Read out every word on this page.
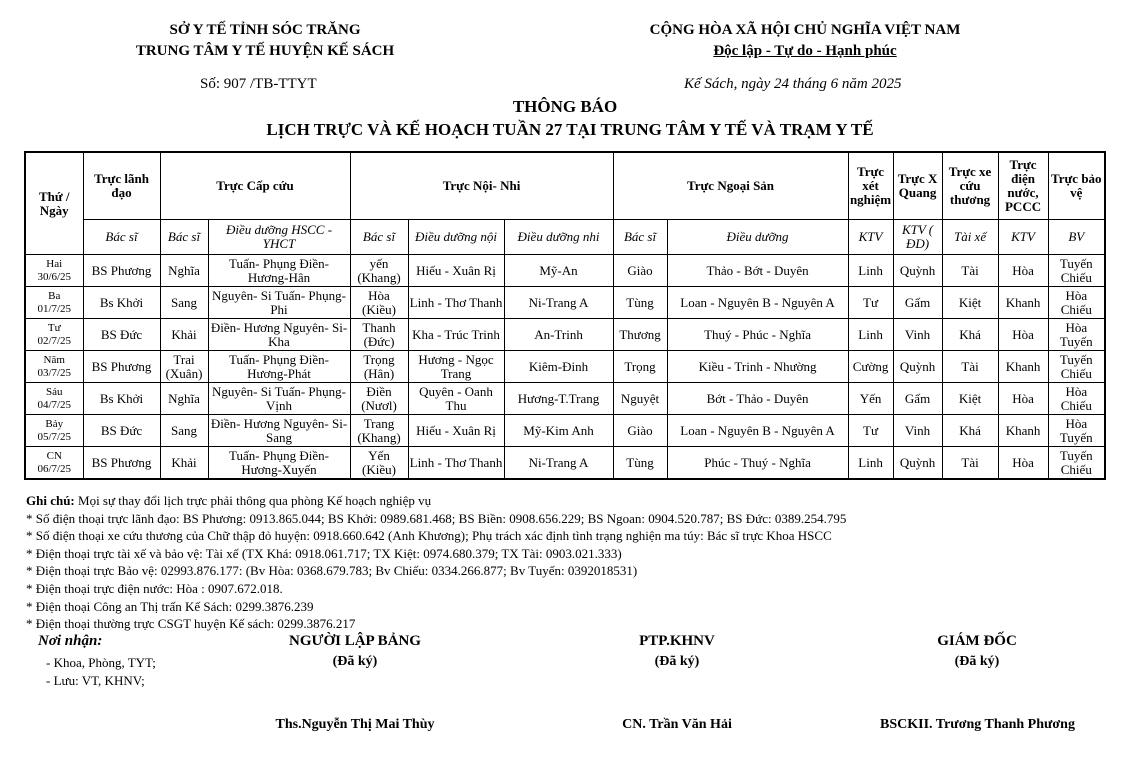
SỞ Y TẾ TỈNH SÓC TRĂNG
TRUNG TÂM Y TẾ HUYỆN KẾ SÁCH
CỘNG HÒA XÃ HỘI CHỦ NGHĨA VIỆT NAM
Độc lập - Tự do - Hạnh phúc
Số: 907 /TB-TTYT	Kế Sách, ngày 24 tháng 6 năm 2025
THÔNG BÁO
LỊCH TRỰC VÀ KẾ HOẠCH TUẦN 27 TẠI TRUNG TÂM Y TẾ VÀ TRẠM Y TẾ
Thứ / Ngày	Trực lãnh đạo	Trực Cấp cứu		Trực Nội- Nhi			Trực Ngoại Sản		Trực xét nghiệm	Trực X Quang	Trực xe cứu thương	Trực điện nước, PCCC	Trực bảo vệ
	Bác sĩ	Bác sĩ	Điều dưỡng HSCC - YHCT	Bác sĩ	Điều dưỡng nội	Điều dưỡng nhi	Bác sĩ	Điều dưỡng	KTV	KTV ( ĐD)	Tài xế	KTV	BV

Hai
30/6/25	BS Phương	Nghĩa	Tuấn- Phụng Điền- Hương-Hân	yến (Khang)	Hiếu - Xuân Rị	Mỹ-An	Giào	Thảo - Bớt - Duyên	Linh	Quỳnh	Tài	Hòa	Tuyến Chiếu

Ba
01/7/25	Bs Khởi	Sang	Nguyên- Si Tuấn- Phụng-Phi	Hòa (Kiều)	Linh - Thơ Thanh	Ni-Trang A	Tùng	Loan - Nguyên B - Nguyên A	Tư	Gấm	Kiệt	Khanh	Hòa Chiếu

Tư
02/7/25	BS Đức	Khải	Điền- Hương Nguyên- Si-Kha	Thanh (Đức)	Kha - Trúc Trinh	An-Trinh	Thương	Thuý - Phúc - Nghĩa	Linh	Vinh	Khá	Hòa	Hòa Tuyến

Năm
03/7/25	BS Phương	Trai (Xuân)	Tuấn- Phụng Điền- Hương-Phát	Trọng (Hân)	Hương - Ngọc Trang	Kiêm-Đinh	Trọng	Kiều - Trinh - Nhường	Cường	Quỳnh	Tài	Khanh	Tuyến Chiếu

Sáu
04/7/25	Bs Khởi	Nghĩa	Nguyên- Si Tuấn- Phụng-Vịnh	Điền (Nươl)	Quyên - Oanh Thu	Hương-T.Trang	Nguyệt	Bớt - Thảo - Duyên	Yến	Gấm	Kiệt	Hòa	Hòa Chiếu

Bảy
05/7/25	BS Đức	Sang	Điền- Hương Nguyên- Si-Sang	Trang (Khang)	Hiếu - Xuân Rị	Mỹ-Kim Anh	Giào	Loan - Nguyên B - Nguyên A	Tư	Vinh	Khá	Khanh	Hòa Tuyến

CN
06/7/25	BS Phương	Khải	Tuấn- Phụng Điền- Hương-Xuyến	Yến (Kiều)	Linh - Thơ Thanh	Ni-Trang A	Tùng	Phúc - Thuý - Nghĩa	Linh	Quỳnh	Tài	Hòa	Tuyến Chiếu
Ghi chú: Mọi sự thay đổi lịch trực phải thông qua phòng Kế hoạch nghiệp vụ
* Số điện thoại trực lãnh đạo: BS Phương: 0913.865.044; BS Khởi: 0989.681.468; BS Biền: 0908.656.229; BS Ngoan: 0904.520.787; BS Đức: 0389.254.795
* Số điện thoại xe cứu thương của Chữ thập đỏ huyện: 0918.660.642 (Anh Khương); Phụ trách xác định tình trạng nghiện ma túy: Bác sĩ trực Khoa HSCC
* Điện thoại trực tài xế và bảo vệ: Tài xế (TX Khá: 0918.061.717; TX Kiệt: 0974.680.379; TX Tài: 0903.021.333)
* Điện thoại trực Bảo vệ: 02993.876.177: (Bv Hòa: 0368.679.783; Bv Chiếu: 0334.266.877; Bv Tuyến: 0392018531)
* Điện thoại trực điện nước: Hòa : 0907.672.018.
* Điện thoại Công an Thị trấn Kế Sách: 0299.3876.239
* Điện thoại thường trực CSGT huyện Kế sách: 0299.3876.217
Nơi nhận:
- Khoa, Phòng, TYT;
- Lưu: VT, KHNV;
NGƯỜI LẬP BẢNG
(Đã ký)
Ths.Nguyễn Thị Mai Thùy
PTP.KHNV
(Đã ký)
CN. Trần Văn Hải
GIÁM ĐỐC
(Đã ký)
BSCKII. Trương Thanh Phương
